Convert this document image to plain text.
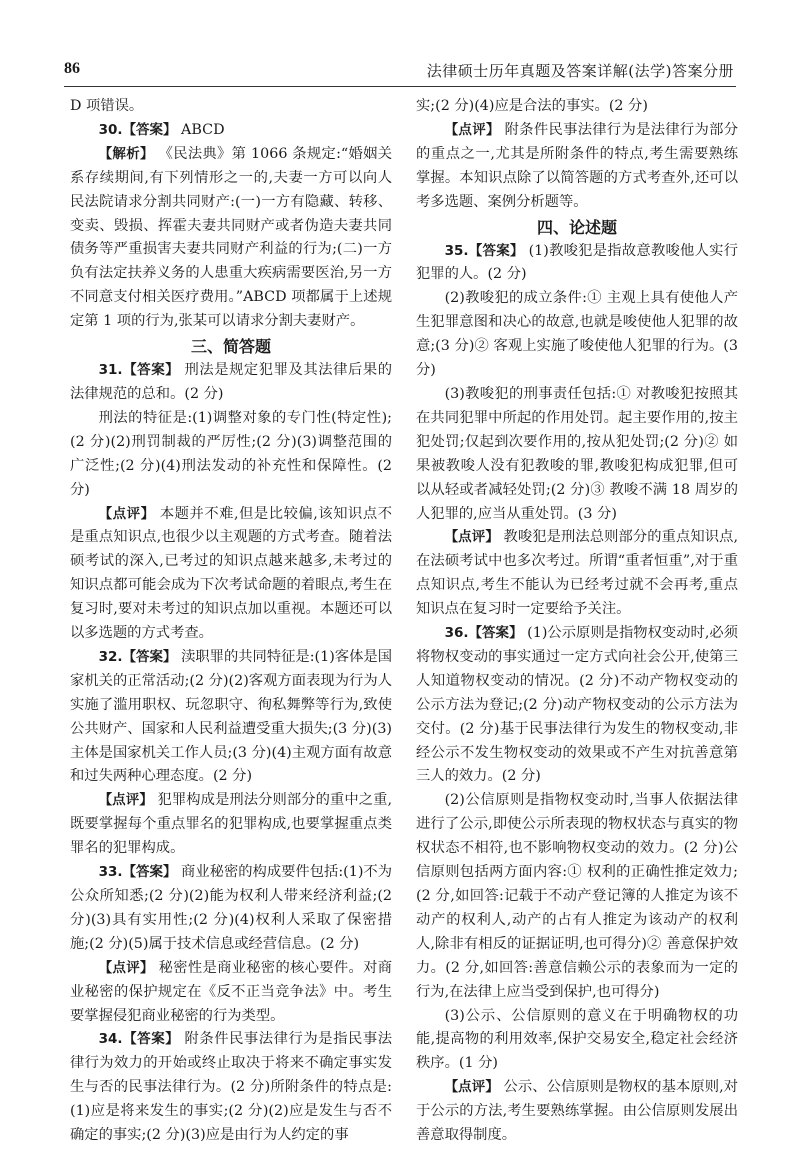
86	法律硕士历年真题及答案详解(法学)答案分册

D 项错误。

30.【答案】 ABCD

【解析】 《民法典》第 1066 条规定:“婚姻关系存续期间,有下列情形之一的,夫妻一方可以向人民法院请求分割共同财产:(一)一方有隐藏、转移、变卖、毁损、挥霍夫妻共同财产或者伪造夫妻共同债务等严重损害夫妻共同财产利益的行为;(二)一方负有法定扶养义务的人患重大疾病需要医治,另一方不同意支付相关医疗费用。”ABCD 项都属于上述规定第 1 项的行为,张某可以请求分割夫妻财产。

三、简答题

31.【答案】 刑法是规定犯罪及其法律后果的法律规范的总和。(2 分)

刑法的特征是:(1)调整对象的专门性(特定性);(2 分)(2)刑罚制裁的严厉性;(2 分)(3)调整范围的广泛性;(2 分)(4)刑法发动的补充性和保障性。(2 分)

【点评】 本题并不难,但是比较偏,该知识点不是重点知识点,也很少以主观题的方式考查。随着法硕考试的深入,已考过的知识点越来越多,未考过的知识点都可能会成为下次考试命题的着眼点,考生在复习时,要对未考过的知识点加以重视。本题还可以以多选题的方式考查。

32.【答案】 渎职罪的共同特征是:(1)客体是国家机关的正常活动;(2 分)(2)客观方面表现为行为人实施了滥用职权、玩忽职守、徇私舞弊等行为,致使公共财产、国家和人民利益遭受重大损失;(3 分)(3)主体是国家机关工作人员;(3 分)(4)主观方面有故意和过失两种心理态度。(2 分)

【点评】 犯罪构成是刑法分则部分的重中之重,既要掌握每个重点罪名的犯罪构成,也要掌握重点类罪名的犯罪构成。

33.【答案】 商业秘密的构成要件包括:(1)不为公众所知悉;(2 分)(2)能为权利人带来经济利益;(2 分)(3)具有实用性;(2 分)(4)权利人采取了保密措施;(2 分)(5)属于技术信息或经营信息。(2 分)

【点评】 秘密性是商业秘密的核心要件。对商业秘密的保护规定在《反不正当竞争法》中。考生要掌握侵犯商业秘密的行为类型。

34.【答案】 附条件民事法律行为是指民事法律行为效力的开始或终止取决于将来不确定事实发生与否的民事法律行为。(2 分)所附条件的特点是:(1)应是将来发生的事实;(2 分)(2)应是发生与否不确定的事实;(2 分)(3)应是由行为人约定的事

实;(2 分)(4)应是合法的事实。(2 分)

【点评】 附条件民事法律行为是法律行为部分的重点之一,尤其是所附条件的特点,考生需要熟练掌握。本知识点除了以简答题的方式考查外,还可以考多选题、案例分析题等。

四、论述题

35.【答案】 (1)教唆犯是指故意教唆他人实行犯罪的人。(2 分)

(2)教唆犯的成立条件:① 主观上具有使他人产生犯罪意图和决心的故意,也就是唆使他人犯罪的故意;(3 分)② 客观上实施了唆使他人犯罪的行为。(3 分)

(3)教唆犯的刑事责任包括:① 对教唆犯按照其在共同犯罪中所起的作用处罚。起主要作用的,按主犯处罚;仅起到次要作用的,按从犯处罚;(2 分)② 如果被教唆人没有犯教唆的罪,教唆犯构成犯罪,但可以从轻或者减轻处罚;(2 分)③ 教唆不满 18 周岁的人犯罪的,应当从重处罚。(3 分)

【点评】 教唆犯是刑法总则部分的重点知识点,在法硕考试中也多次考过。所谓“重者恒重”,对于重点知识点,考生不能认为已经考过就不会再考,重点知识点在复习时一定要给予关注。

36.【答案】 (1)公示原则是指物权变动时,必须将物权变动的事实通过一定方式向社会公开,使第三人知道物权变动的情况。(2 分)不动产物权变动的公示方法为登记;(2 分)动产物权变动的公示方法为交付。(2 分)基于民事法律行为发生的物权变动,非经公示不发生物权变动的效果或不产生对抗善意第三人的效力。(2 分)

(2)公信原则是指物权变动时,当事人依据法律进行了公示,即使公示所表现的物权状态与真实的物权状态不相符,也不影响物权变动的效力。(2 分)公信原则包括两方面内容:① 权利的正确性推定效力;(2 分,如回答:记载于不动产登记簿的人推定为该不动产的权利人,动产的占有人推定为该动产的权利人,除非有相反的证据证明,也可得分)② 善意保护效力。(2 分,如回答:善意信赖公示的表象而为一定的行为,在法律上应当受到保护,也可得分)

(3)公示、公信原则的意义在于明确物权的功能,提高物的利用效率,保护交易安全,稳定社会经济秩序。(1 分)

【点评】 公示、公信原则是物权的基本原则,对于公示的方法,考生要熟练掌握。由公信原则发展出善意取得制度。
